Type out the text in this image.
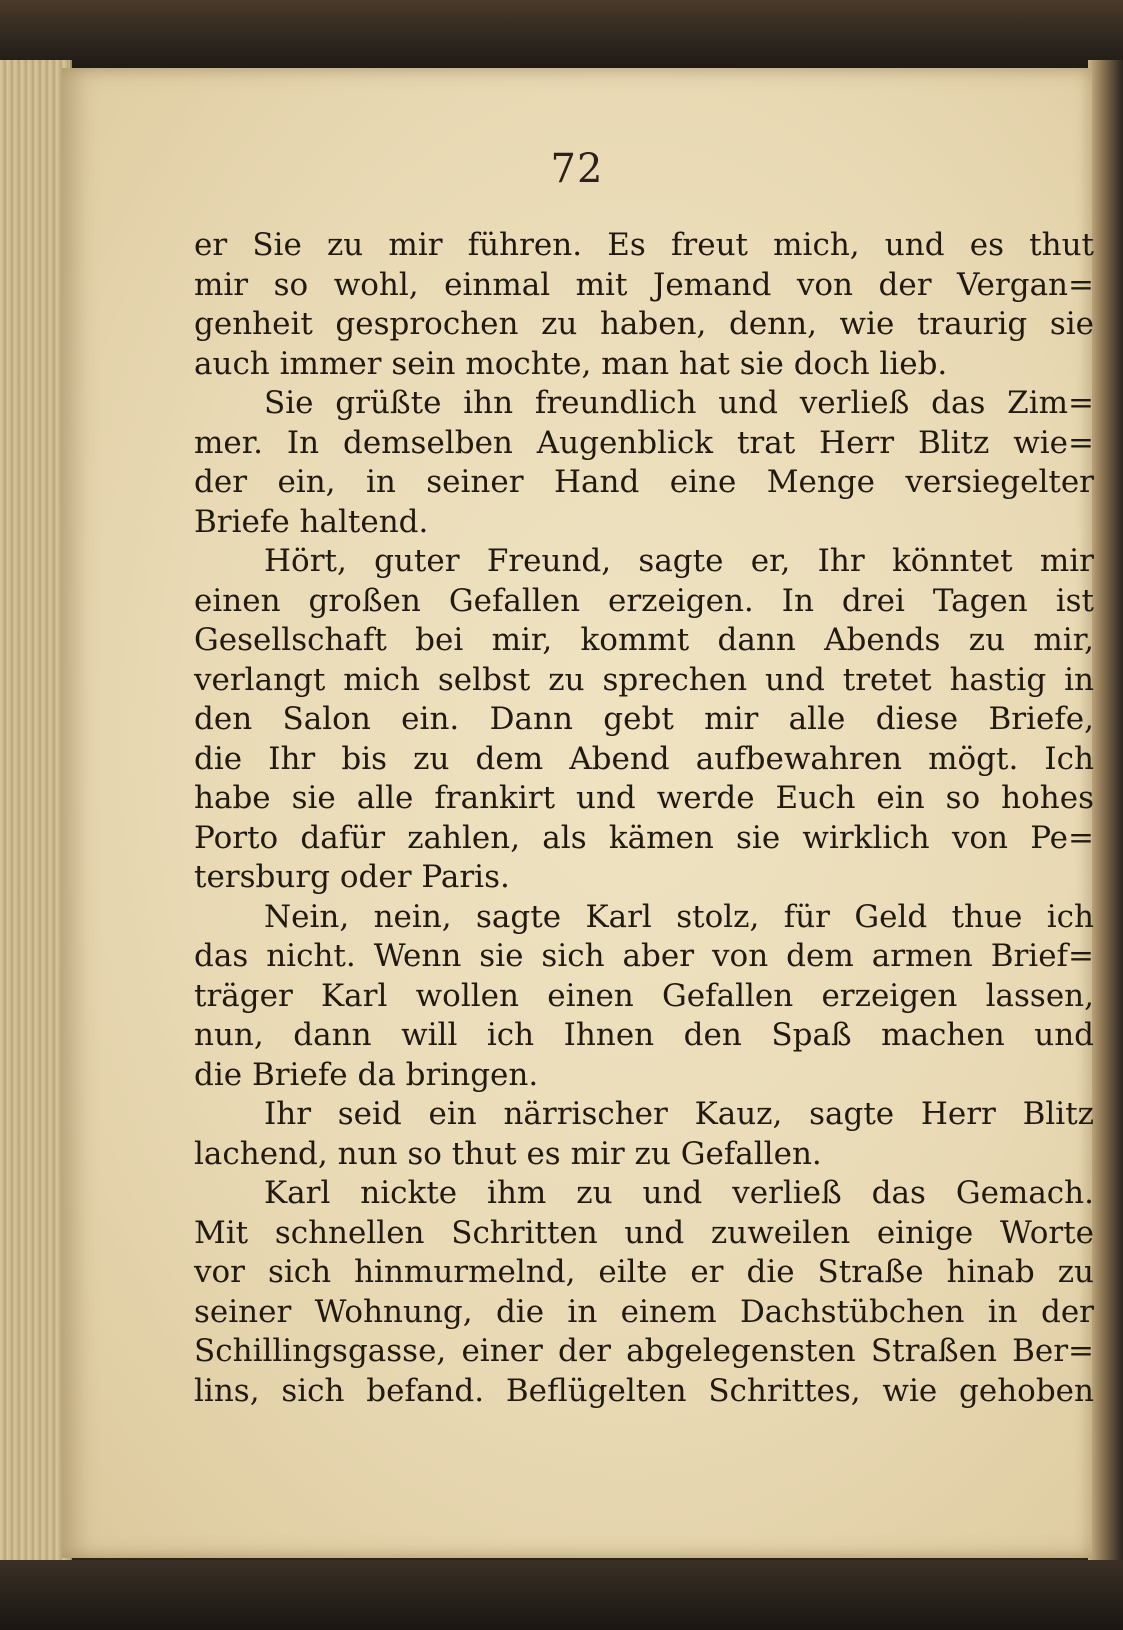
72
er Sie zu mir führen. Es freut mich, und es thut
mir so wohl, einmal mit Jemand von der Vergan=
genheit gesprochen zu haben, denn, wie traurig sie
auch immer sein mochte, man hat sie doch lieb.
Sie grüßte ihn freundlich und verließ das Zim=
mer. In demselben Augenblick trat Herr Blitz wie=
der ein, in seiner Hand eine Menge versiegelter
Briefe haltend.
Hört, guter Freund, sagte er, Ihr könntet mir
einen großen Gefallen erzeigen. In drei Tagen ist
Gesellschaft bei mir, kommt dann Abends zu mir,
verlangt mich selbst zu sprechen und tretet hastig in
den Salon ein. Dann gebt mir alle diese Briefe,
die Ihr bis zu dem Abend aufbewahren mögt. Ich
habe sie alle frankirt und werde Euch ein so hohes
Porto dafür zahlen, als kämen sie wirklich von Pe=
tersburg oder Paris.
Nein, nein, sagte Karl stolz, für Geld thue ich
das nicht. Wenn sie sich aber von dem armen Brief=
träger Karl wollen einen Gefallen erzeigen lassen,
nun, dann will ich Ihnen den Spaß machen und
die Briefe da bringen.
Ihr seid ein närrischer Kauz, sagte Herr Blitz
lachend, nun so thut es mir zu Gefallen.
Karl nickte ihm zu und verließ das Gemach.
Mit schnellen Schritten und zuweilen einige Worte
vor sich hinmurmelnd, eilte er die Straße hinab zu
seiner Wohnung, die in einem Dachstübchen in der
Schillingsgasse, einer der abgelegensten Straßen Ber=
lins, sich befand. Beflügelten Schrittes, wie gehoben
